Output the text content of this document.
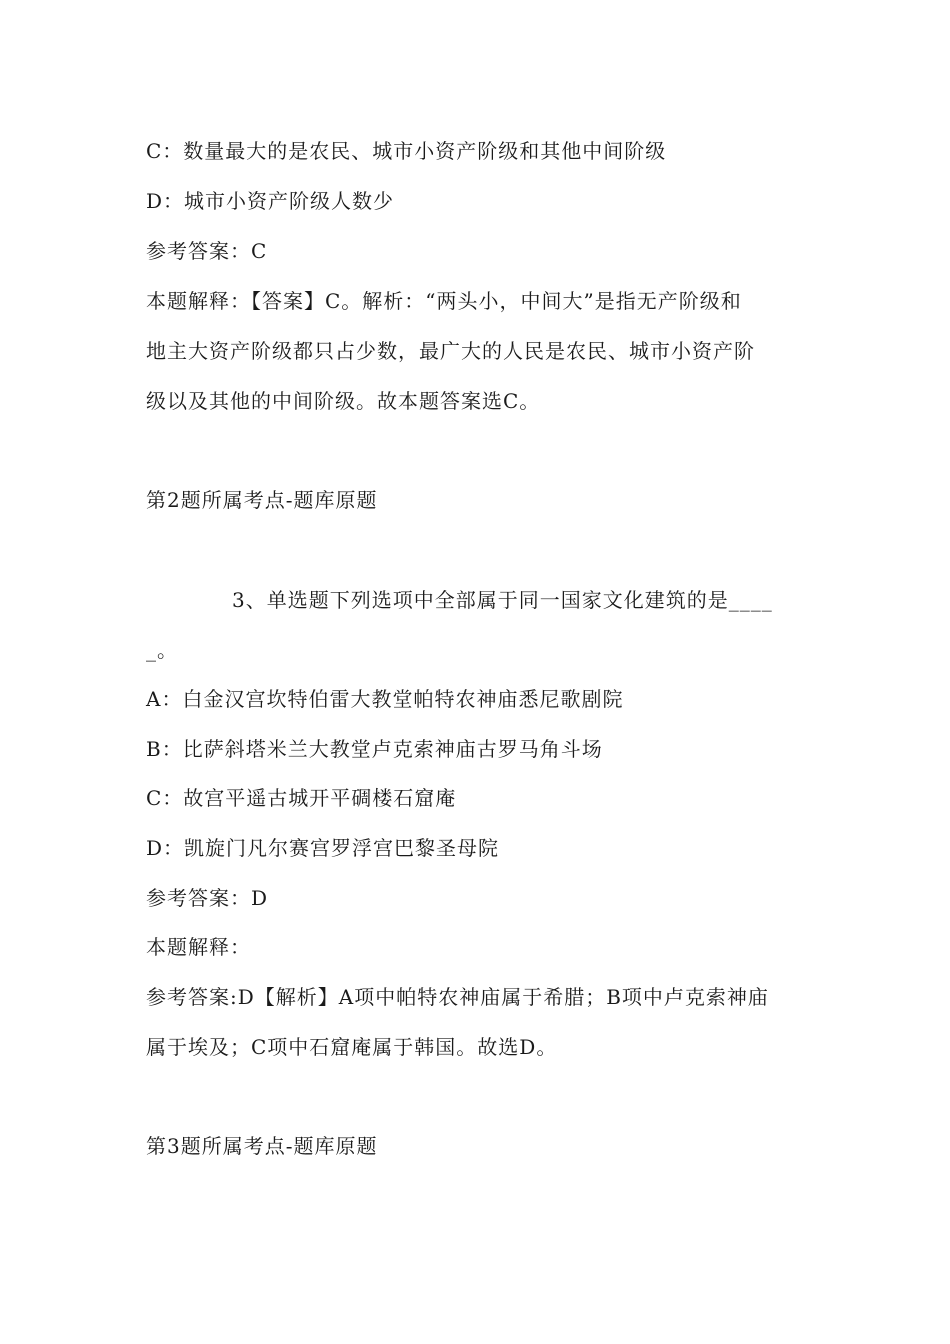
C：数量最大的是农民、城市小资产阶级和其他中间阶级
D：城市小资产阶级人数少
参考答案：C
本题解释：【答案】C。解析：“两头小，中间大”是指无产阶级和
地主大资产阶级都只占少数，最广大的人民是农民、城市小资产阶
级以及其他的中间阶级。故本题答案选C。
第2题所属考点-题库原题
3、单选题下列选项中全部属于同一国家文化建筑的是____
_。
A：白金汉宫坎特伯雷大教堂帕特农神庙悉尼歌剧院
B：比萨斜塔米兰大教堂卢克索神庙古罗马角斗场
C：故宫平遥古城开平碉楼石窟庵
D：凯旋门凡尔赛宫罗浮宫巴黎圣母院
参考答案：D
本题解释：
参考答案:D【解析】A项中帕特农神庙属于希腊；B项中卢克索神庙
属于埃及；C项中石窟庵属于韩国。故选D。
第3题所属考点-题库原题
